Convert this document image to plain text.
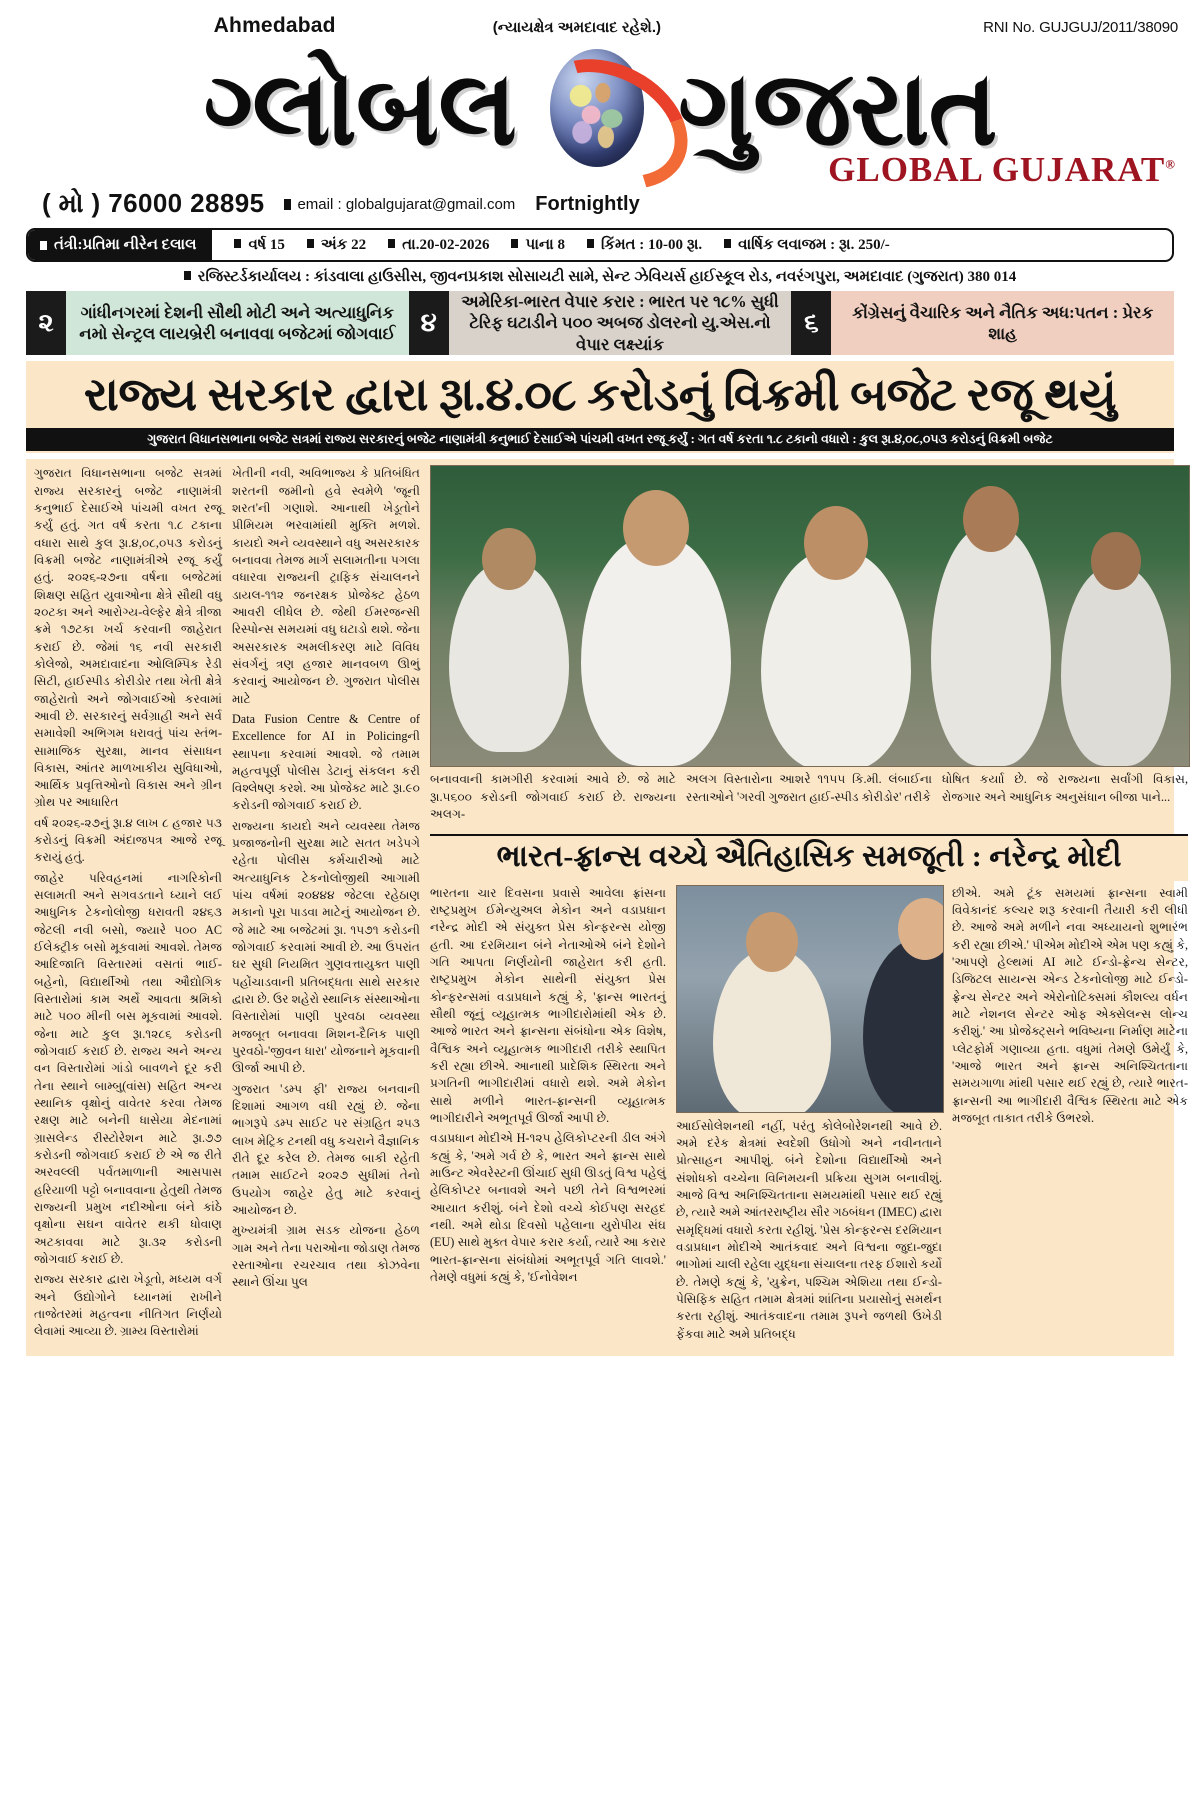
Ahmedabad	(ન્યાયક્ષેત્ર અમદાવાદ રહેશે.)	RNI No. GUJGUJ/2011/38090
ગ્લોબલ ગુજરાત
GLOBAL GUJARAT®
( મો ) 76000 28895	email : globalgujarat@gmail.com Fortnightly
તંત્રી:પ્રતિમા નીરેન દલાલ	વર્ષ 15	અંક 22	તા.20-02-2026	પાના 8	કિંમત : 10-00 રૂા.	વાર્ષિક લવાજમ : રૂા. 250/-
રજિસ્ટર્ડકાર્યાલય : કાંડવાલા હાઉસીસ, જીવનપ્રકાશ સોસાયટી સામે, સેન્ટ ઝેવિયર્સ હાઈસ્કૂલ રોડ, નવરંગપુરા, અમદાવાદ (ગુજરાત) 380 014
૨	ગાંધીનગરમાં દેશની સૌથી મોટી અને અત્યાધુનિક નમો સેન્ટ્રલ લાયબ્રેરી બનાવવા બજેટમાં જોગવાઈ ૪
અમેરિકા-ભારત વેપાર કરાર : ભારત પર ૧૮% સુધી ટેરિફ ઘટાડીને ૫૦૦ અબજ ડોલરનો યુ.એસ.નો વેપાર લક્ષ્યાંક
૬	કોંગ્રેસનું વૈચારિક અને નૈતિક અધ:પતન : પ્રેરક શાહ
રાજ્ય સરકાર દ્વારા રૂા.૪.૦૮ કરોડનું વિક્રમી બજેટ રજૂ થયું
ગુજરાત વિધાનસભાના બજેટ સત્રમાં રાજ્ય સરકારનું બજેટ નાણામંત્રી કનુભાઈ દેસાઈએ પાંચમી વખત રજૂ કર્યું : ગત વર્ષ કરતા ૧.૮ ટકાનો વધારો : કુલ રૂા.૪,૦૮,૦૫૩ કરોડનું વિક્રમી બજેટ

ગુજરાત વિધાનસભાના બજેટ સત્રમાં રાજ્ય સરકારનું બજેટ નાણામંત્રી કનુભાઈ દેસાઈએ પાંચમી વખત રજૂ કર્યું હતું. ગત વર્ષ કરતા ૧.૮ ટકાના વધારા સાથે કુલ રૂા.૪,૦૮,૦૫૩ કરોડનું વિક્રમી બજેટ નાણામંત્રીએ રજૂ કર્યું હતું. ૨૦૨૬-૨૭ના વર્ષના બજેટમાં શિક્ષણ સહિત યુવાઓના ક્ષેત્રે સૌથી વધુ ૨૦ટકા અને આરોગ્ય-વેલ્ફેર ક્ષેત્રે ત્રીજા ક્રમે ૧૭ટકા ખર્ચ કરવાની જાહેરાત કરાઈ છે. જેમાં ૧૬ નવી સરકારી કોલેજો, અમદાવાદના ઓલિમ્પિક રેડી સિટી, હાઈસ્પીડ કોરીડોર તથા ખેતી ક્ષેત્રે જાહેરાતો અને જોગવાઈઓ કરવામાં આવી છે. સરકારનું સર્વગ્રાહી અને સર્વ સમાવેશી અભિગમ ધરાવતું પાંચ સ્તંભ-સામાજિક સુરક્ષા, માનવ સંસાધન વિકાસ, આંતર માળખાકીય સુવિધાઓ, આર્થિક પ્રવૃત્તિઓનો વિકાસ અને ગ્રીન ગ્રોથ પર આધારિત

વર્ષ ૨૦૨૬-૨૭નું રૂા.૪ લાખ ૮ હજાર ૫૩ કરોડનું વિક્રમી અંદાજપત્ર આજે રજૂ કરાયું હતું.

જાહેર પરિવહનમાં નાગરિકોની સલામતી અને સગવડતાને ધ્યાને લઈ આધુનિક ટેકનોલોજી ધરાવતી ૨૪૬૩ જેટલી નવી બસો, જ્યારે ૫૦૦ AC ઈલેક્ટ્રીક બસો મૂકવામાં આવશે. તેમજ આદિજાતિ વિસ્તારમાં વસતાં ભાઈ-બહેનો, વિદ્યાર્થીઓ તથા ઔદ્યોગિક વિસ્તારોમાં કામ અર્થે આવતા શ્રમિકો માટે ૫૦૦ મીની બસ મૂકવામાં આવશે. જેના માટે કુલ રૂા.૧૨૮૬ કરોડની જોગવાઈ કરાઈ છે. રાજ્ય અને અન્ય વન વિસ્તારોમાં ગાંડો બાવળને દૂર કરી તેના સ્થાને બામ્બુ(વાંસ) સહિત અન્ય સ્થાનિક વૃક્ષોનું વાવેતર કરવા તેમજ રક્ષણ માટે બનેની ધાસેયા મેદનામાં ગ્રાસલેન્ડ રીસ્ટોરેશન માટે રૂા.૭૭ કરોડની જોગવાઈ કરાઈ છે એ જ રીતે અરવલ્લી પર્વતમાળાની આસપાસ હરિયાળી પટ્ટો બનાવવાના હેતુથી તેમજ રાજ્યની પ્રમુખ નદીઓના બંને કાંઠે વૃક્ષોના સઘન વાવેતર થકી ધોવાણ અટકાવવા માટે રૂા.૩૨ કરોડની જોગવાઈ કરાઈ છે.

રાજ્ય સરકાર દ્વારા ખેડૂતો, મધ્યમ વર્ગ અને ઉદ્યોગોને ધ્યાનમાં રાખીને તાજેતરમાં મહત્વના નીતિગત નિર્ણયો લેવામાં આવ્યા છે. ગ્રામ્ય વિસ્તારોમાં

ખેતીની નવી, અવિભાજ્ય કે પ્રતિબંધિત શરતની જમીનો હવે સ્વમેળે 'જૂની શરત'ની ગણાશે. આનાથી ખેડૂતોને પ્રીમિયમ ભરવામાંથી મુક્તિ મળશે. કાયદો અને વ્યવસ્થાને વધુ અસરકારક બનાવવા તેમજ માર્ગ સલામતીના પગલા વધારવા રાજ્યની ટ્રાફિક સંચાલનને ડાયલ-૧૧૨ જનરક્ષક પ્રોજેક્ટ હેઠળ આવરી લીધેલ છે. જેથી ઈમરજન્સી રિસ્પોન્સ સમયમાં વધુ ઘટાડો થશે. જેના અસરકારક અમલીકરણ માટે વિવિધ સંવર્ગનું ત્રણ હજાર માનવબળ ઊભું કરવાનું આયોજન છે. ગુજરાત પોલીસ માટે

Data Fusion Centre & Centre of Excellence for AI in Policingની સ્થાપના કરવામાં આવશે. જે તમામ મહત્વપૂર્ણ પોલીસ ડેટાનું સંકલન કરી વિશ્લેષણ કરશે. આ પ્રોજેક્ટ માટે રૂા.૯૦ કરોડની જોગવાઈ કરાઈ છે.

રાજ્યના કાયદો અને વ્યવસ્થા તેમજ પ્રજાજનોની સુરક્ષા માટે સતત ખડેપગે રહેતા પોલીસ કર્મચારીઓ માટે અત્યાધુનિક ટેકનોલોજીથી આગામી પાંચ વર્ષમાં ૨૦૪૪૪ જેટલા રહેઠાણ મકાનો પૂરા પાડવા માટેનું આયોજન છે. જે માટે આ બજેટમાં રૂા. ૧૫૭૧ કરોડની જોગવાઈ કરવામાં આવી છે. આ ઉપરાંત ઘર સુધી નિયમિત ગુણવત્તાયુક્ત પાણી પહોંચાડવાની પ્રતિબદ્ધતા સાથે સરકાર દ્વારા છે. ઉર શહેરો સ્થાનિક સંસ્થાઓના વિસ્તારોમાં પાણી પુરવઠા વ્યવસ્થા મજબૂત બનાવવા મિશન-દૈનિક પાણી પુરવઠો-'જીવન ધારા' યોજનાને મૂકવાની ઊર્જા આપી છે.

ગુજરાત 'ડમ્પ ફી' રાજ્ય બનવાની દિશામાં આગળ વધી રહ્યું છે. જેના ભાગરૂપે ડમ્પ સાઈટ પર સંગ્રહિત ૨૫૩ લાખ મેટ્રિક ટનથી વધુ કચરાને વૈજ્ઞાનિક રીતે દૂર કરેલ છે. તેમજ બાકી રહેતી તમામ સાઈટને ૨૦૨૭ સુધીમાં તેનો ઉપયોગ જાહેર હેતુ માટે કરવાનું આયોજન છે.

મુખ્યમંત્રી ગ્રામ સડક યોજના હેઠળ ગામ અને તેના પરાઓના જોડાણ તેમજ રસ્તાઓના રચરચાવ તથા કોઝવેના સ્થાને ઊંચા પુલ

બનાવવાની કામગીરી કરવામાં આવે છે. જે માટે રૂા.૫૬૦૦ કરોડની જોગવાઈ કરાઈ છે. રાજ્યના અલગ-

અલગ વિસ્તારોના આશરે ૧૧૫૫ કિ.મી. લંબાઈના રસ્તાઓને 'ગરવી ગુજરાત હાઈ-સ્પીડ કોરીડોર' તરીકે

ધોષિત કર્યાા છે. જે રાજ્યના સર્વાંગી વિકાસ, રોજગાર અને આધુનિક અનુસંધાન બીજા પાને...

ભારત-ફ્રાન્સ વચ્ચે ઐતિહાસિક સમજૂતી : નરેન્દ્ર મોદી

ભારતના ચાર દિવસના પ્રવાસે આવેલા ફ્રાંસના રાષ્ટ્રપ્રમુખ ઈમેન્યુઅલ મેકોન અને વડાપ્રધાન નરેન્દ્ર મોદી એ સંયુક્ત પ્રેસ કોન્ફરન્સ યોજી હતી. આ દરમિયાન બંને નેતાઓએ બંને દેશોને ગતિ આપતા નિર્ણયોની જાહેરાત કરી હતી. રાષ્ટ્રપ્રમુખ મેકોન સાથેની સંયુક્ત પ્રેસ કોન્ફરન્સમાં વડાપ્રધાને કહ્યું કે, 'ફ્રાન્સ ભારતનું સૌથી જૂનું વ્યૂહાત્મક ભાગીદારોમાંથી એક છે. આજે ભારત અને ફ્રાન્સના સંબંધોના એક વિશેષ, વૈશ્વિક અને વ્યૂહાત્મક ભાગીદારી તરીકે સ્થાપિત કરી રહ્યા છીએ. આનાથી પ્રાદેશિક સ્થિરતા અને પ્રગતિની ભાગીદારીમાં વધારો થશે. અમે મેકોન સાથે મળીને ભારત-ફ્રાન્સની વ્યૂહાત્મક ભાગીદારીને અભૂતપૂર્વ ઊર્જા આપી છે.

વડાપ્રધાન મોદીએ H-૧૨૫ હેલિકોપ્ટરની ડીલ અંગે કહ્યું કે, 'અમે ગર્વ છે કે, ભારત અને ફ્રાન્સ સાથે માઉન્ટ એવરેસ્ટની ઊંચાઈ સુધી ઊડતું વિશ્વ પહેલું હેલિકોપ્ટર બનાવશે અને પછી તેને વિશ્વભરમાં આયાત કરીશું. બંને દેશો વચ્ચે કોઈપણ સરહદ નથી. અમે થોડા દિવસો પહેલાના યુરોપીય સંઘ (EU) સાથે મુક્ત વેપાર કરાર કર્યા, ત્યારે આ કરાર ભારત-ફ્રાન્સના સંબંધોમાં અભૂતપૂર્વ ગતિ લાવશે.' તેમણે વધુમાં કહ્યું કે, 'ઈનોવેશન

આઈસોલેશનથી નહીં, પરંતુ કોલેબોરેશનથી આવે છે. અમે દરેક ક્ષેત્રમાં સ્વદેશી ઉધોગો અને નવીનતાને પ્રોત્સાહન આપીશું. બંને દેશોના વિદ્યાર્થીઓ અને સંશોધકો વચ્ચેના વિનિમયની પ્રક્રિયા સુગમ બનાવીશું. આજે વિશ્વ અનિશ્ચિતતાના સમયમાંથી પસાર થઈ રહ્યું છે, ત્યારે અમે આંતરરાષ્ટ્રીય સૌર ગઠબંધન (IMEC) દ્વારા સમૃદ્ધિમાં વધારો કરતા રહીશું. 'પ્રેસ કોન્ફરન્સ દરમિયાન વડાપ્રધાન મોદીએ આતંકવાદ અને વિશ્વના જુદા-જુદા ભાગોમાં ચાલી રહેલા યુદ્ધના સંચાલના તરફ ઈશારો કર્યો છે. તેમણે કહ્યું કે, 'યુક્રેન, પશ્ચિમ એશિયા તથા ઈન્ડો-પેસિફિક સહિત તમામ ક્ષેત્રમાં શાંતિના પ્રયાસોનું સમર્થન કરતા રહીશું. આતંકવાદના તમામ રૂપને જળથી ઉખેડી ફેંકવા માટે અમે પ્રતિબદ્ધ

છીએ. અમે ટૂંક સમયમાં ફ્રાન્સના સ્વામી વિવેકાનંદ કલ્ચર શરૂ કરવાની તૈયારી કરી લીધી છે. આજે અમે મળીને નવા અધ્યાયનો શુભારંભ કરી રહ્યા છીએ.' પીએમ મોદીએ એમ પણ કહ્યું કે, 'આપણે હેલ્થમાં AI માટે ઈન્ડો-ફ્રેન્ચ સેન્ટર, ડિજિટલ સાયન્સ એન્ડ ટેકનોલોજી માટે ઈન્ડો-ફ્રેન્ચ સેન્ટર અને એરોનોટિક્સમાં કૌશલ્ય વર્ધન માટે નેશનલ સેન્ટર ઓફ એક્સેલન્સ લોન્ચ કરીશું.' આ પ્રોજેક્ટ્સને ભવિષ્યના નિર્માણ માટેના પ્લેટફોર્મ ગણાવ્યા હતા. વધુમાં તેમણે ઉમેર્યું કે, 'આજે ભારત અને ફ્રાન્સ અનિશ્ચિતતાના સમયગાળા માંથી પસાર થઈ રહ્યું છે, ત્યારે ભારત-ફ્રાન્સની આ ભાગીદારી વૈશ્વિક સ્થિરતા માટે એક મજબૂત તાકાત તરીકે ઉભરશે.
